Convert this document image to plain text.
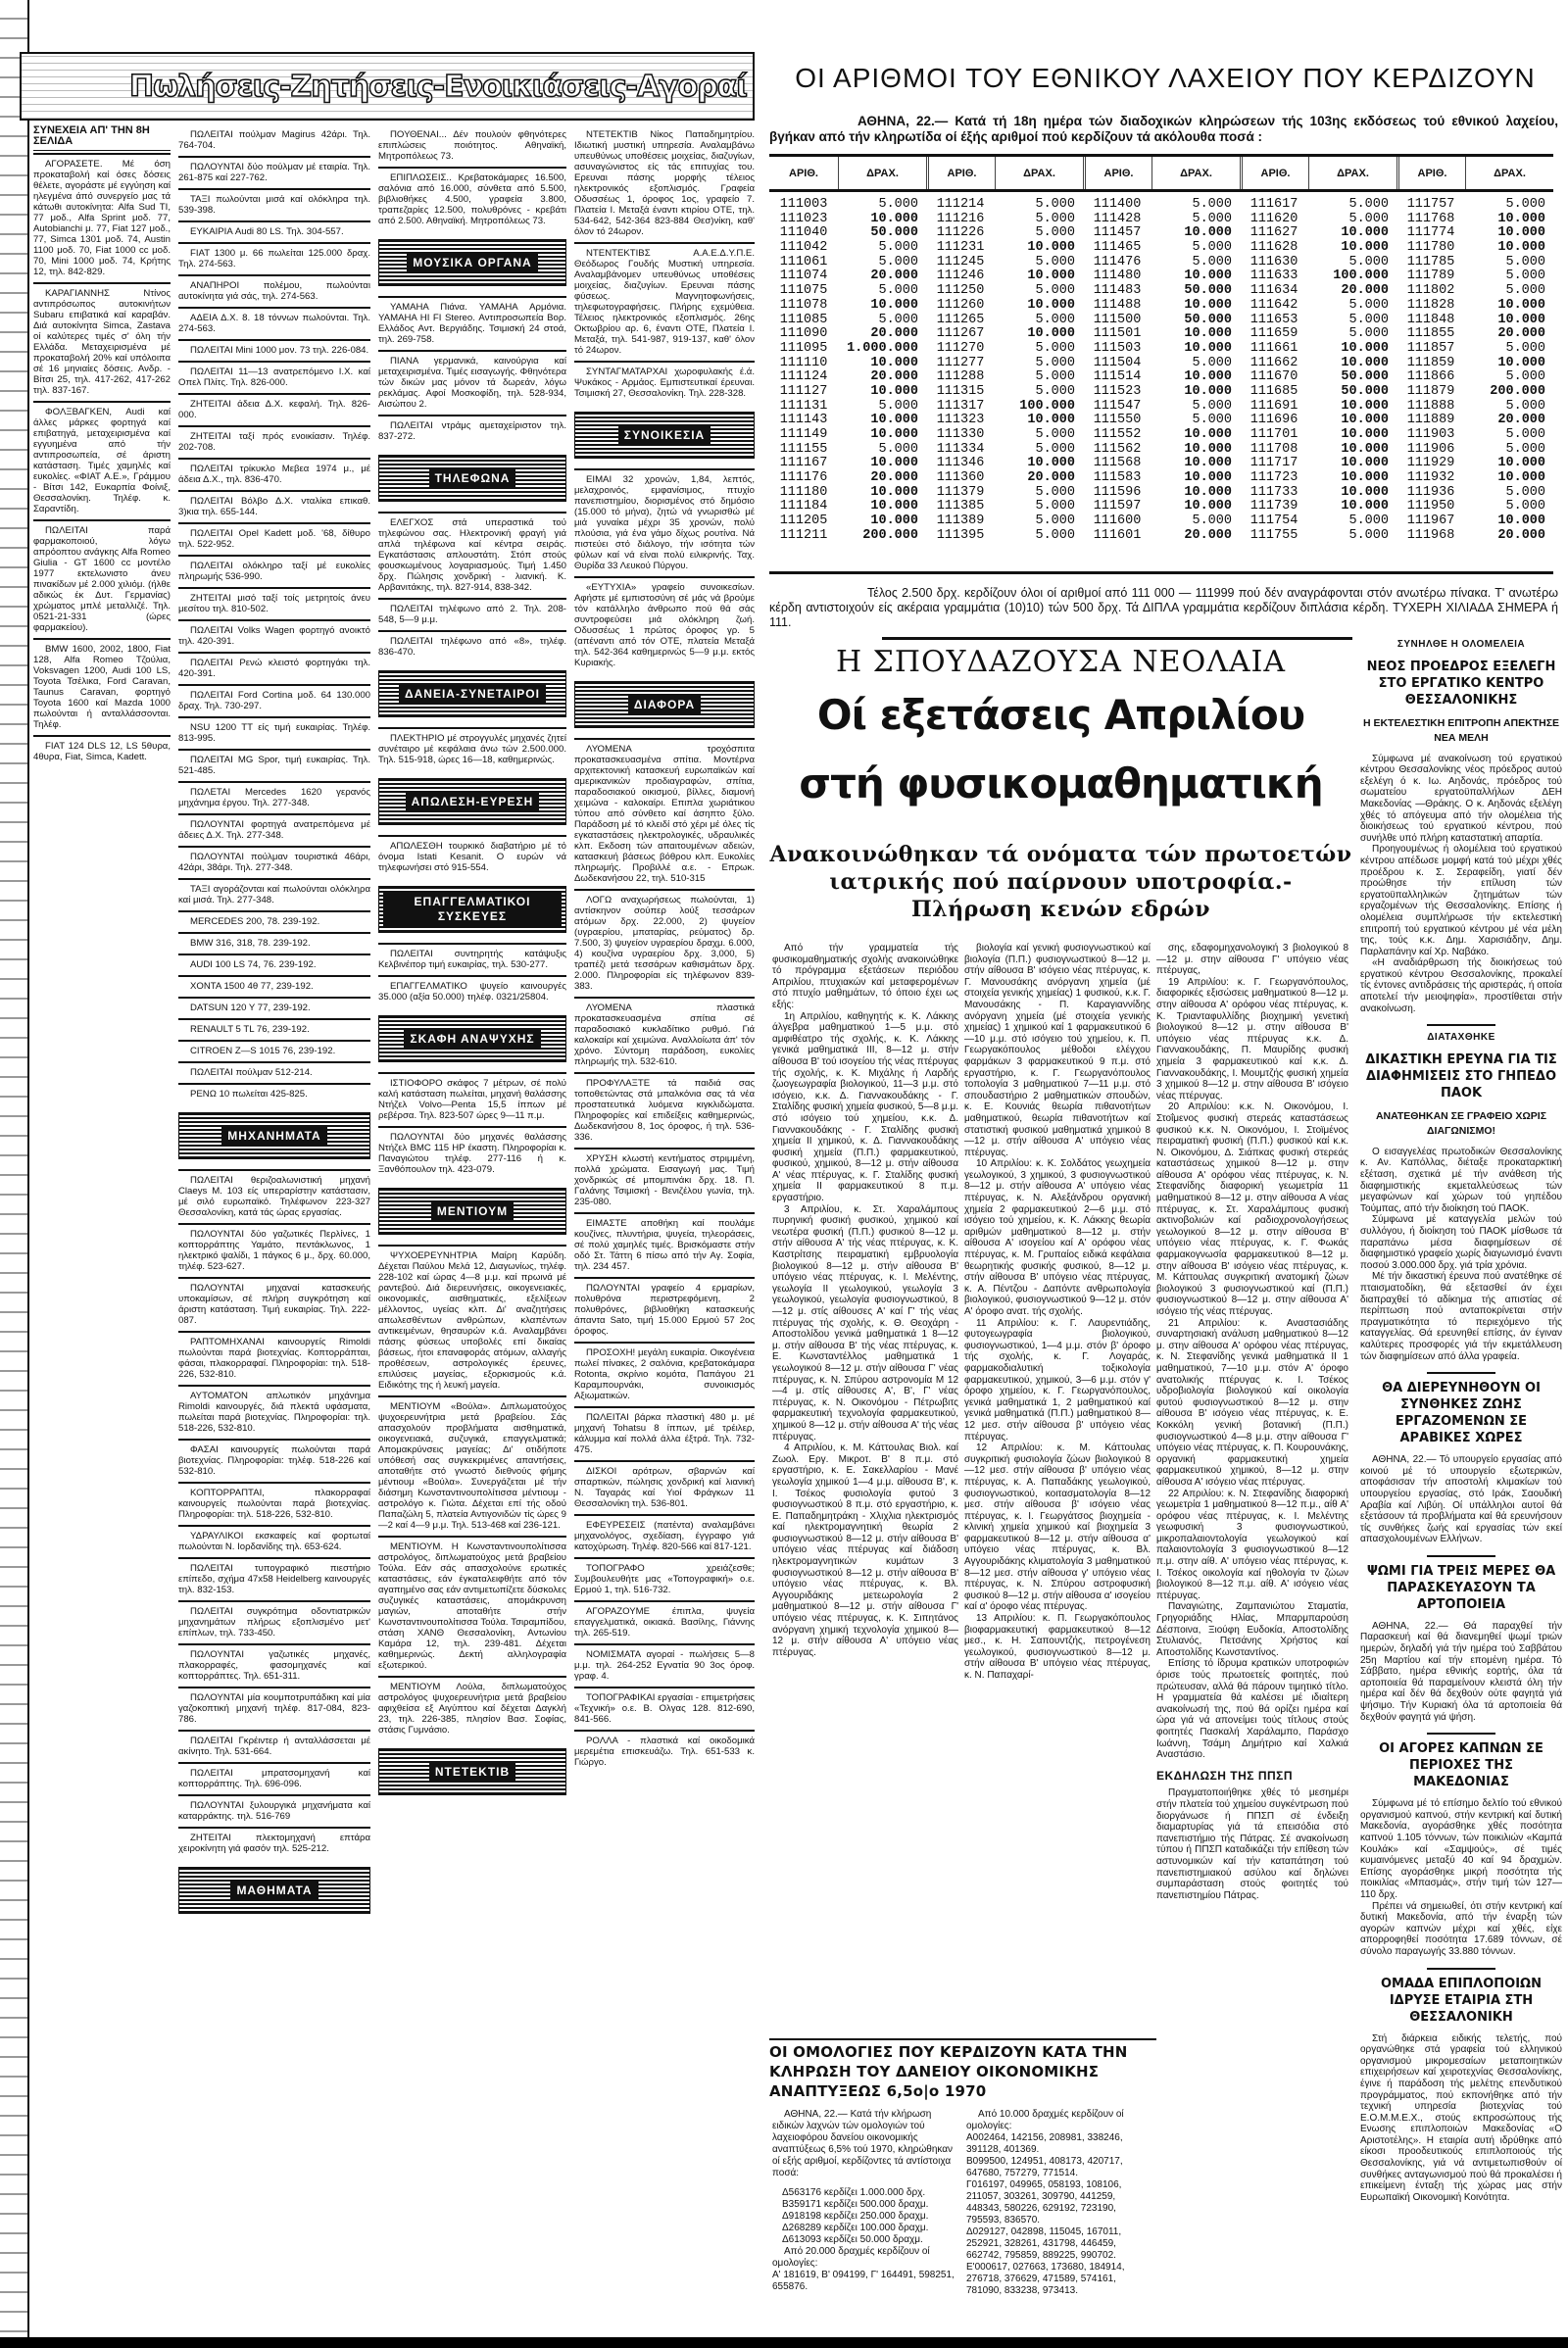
Πωλήσεις-Ζητήσεις-Ενοικιάσεις-Αγοραί
ΣΥΝΕΧΕΙΑ ΑΠ' ΤΗΝ 8Η ΣΕΛΙΔΑ
ΑΓΟΡΑΣΕΤΕ. Μέ όση προκαταβολή καί όσες δόσεις θέλετε, αγοράστε μέ εγγύηση καί ηλεγμένα άπό συνεργείο μας τά κάτωθι αυτοκίνητα: Alfa Sud TI, 77 μοδ., Alfa Sprint μοδ. 77, Autobianchi μ. 77, Fiat 127 μοδ., 77, Simca 1301 μοδ. 74, Austin 1100 μοδ. 70, Fiat 1000 cc μοδ. 70, Mini 1000 μοδ. 74, Κρήτης 12, τηλ. 842-829.
ΚΑΡΑΓΙΑΝΝΗΣ Ντίνος αντιπρόσωπος αυτοκινήτων Subaru επιβατικά καί καραβάν. Διά αυτοκίνητα Simca, Zastava οί καλύτερες τιμές σ' όλη τήν Ελλάδα. Μεταχειρισμένα μέ προκαταβολή 20% καί υπόλοιπα σέ 16 μηνιαίες δόσεις. Ανδρ. - Βίτσι 25, τηλ. 417-262, 417-262 τηλ. 837-167.
ΦΟΛΞΒΑΓΚΕΝ, Audi καί άλλες μάρκες φορτηγά καί επιβατηγά, μεταχειρισμένα καί εγγυημένα από τήν αντιπροσωπεία, σέ άριστη κατάσταση. Τιμές χαμηλές καί ευκολίες. «ΦΙΑΤ Α.Ε.», Γράμμου - Βίτσι 142, Ευκαρπία Φοίνιξ, Θεσσαλονίκη. Τηλέφ. κ. Σαραντίδη.
ΠΩΛΕΙΤΑΙ παρά φαρμακοποιού, λόγω απρόοπτου ανάγκης Alfa Romeo Giulia - GT 1600 cc μοντέλο 1977 εκτελωνιστο άνευ πινακίδων μέ 2.000 χιλιόμ. (ήλθε αδικώς έκ Δυτ. Γερμανίας) χρώματος μπλέ μεταλλιζέ. Τηλ. 0521-21-331 (ώρες φαρμακείου).
BMW 1600, 2002, 1800, Fiat 128, Alfa Romeo Τζούλια, Voksvagen 1200, Audi 100 LS, Toyota Τσέλικα, Ford Caravan, Taunus Caravan, φορτηγό Toyota 1600 καί Mazda 1000 πωλούνται ή ανταλλάσσονται. Τηλέφ.
FIAT 124 DLS 12, LS 5θυρα, 4θυρα, Fiat, Simca, Kadett.
ΠΩΛΕΙΤΑΙ πούλμαν Magirus 42άρι. Τηλ. 764-704.
ΠΩΛΟΥΝΤΑΙ δύο πούλμαν μέ εταιρία. Τηλ. 261-875 καί 227-762.
ΤΑΞΙ πωλούνται μισά καί ολόκληρα τηλ. 539-398.
ΕΥΚΑΙΡΙΑ Audi 80 LS. Τηλ. 304-557.
FIAT 1300 μ. 66 πωλείται 125.000 δραχ. Τηλ. 274-563.
ΑΝΑΠΗΡΟΙ πολέμου, πωλούνται αυτοκίνητα γιά σάς, τηλ. 274-563.
ΑΔΕΙΑ Δ.Χ. 8. 18 τόννων πωλούνται. Τηλ. 274-563.
ΠΩΛΕΙΤΑΙ Mini 1000 μον. 73 τηλ. 226-084.
ΠΩΛΕΙΤΑΙ 11—13 ανατρεπόμενο Ι.Χ. καί Οπελ Πλίτς. Τηλ. 826-000.
ΖΗΤΕΙΤΑΙ άδεια Δ.Χ. κεφαλή. Τηλ. 826-000.
ΖΗΤΕΙΤΑΙ ταξί πρός ενοικίασιν. Τηλέφ. 202-708.
ΠΩΛΕΙΤΑΙ τρίκυκλο Μεβεα 1974 μ., μέ άδεια Δ.Χ., τηλ. 836-470.
ΠΩΛΕΙΤΑΙ Βόλβο Δ.Χ. νταλίκα επικαθ. 3)κια τηλ. 655-144.
ΠΩΛΕΙΤΑΙ Opel Kadett μοδ. '68, δίθυρο τηλ. 522-952.
ΠΩΛΕΙΤΑΙ ολόκληρο ταξί μέ ευκολίες πληρωμής 536-990.
ΖΗΤΕΙΤΑΙ μισό ταξί τοίς μετρητοίς άνευ μεσίτου τηλ. 810-502.
ΠΩΛΕΙΤΑΙ Volks Wagen φορτηγό ανοικτό τηλ. 420-391.
ΠΩΛΕΙΤΑΙ Ρενώ κλειστό φορτηγάκι τηλ. 420-391.
ΠΩΛΕΙΤΑΙ Ford Cortina μοδ. 64 130.000 δραχ. Τηλ. 730-297.
NSU 1200 TT είς τιμή ευκαιρίας. Τηλέφ. 813-995.
ΠΩΛΕΙΤΑΙ MG Spor, τιμή ευκαιρίας. Τηλ. 521-485.
ΠΩΛΕΤΑΙ Mercedes 1620 γερανός μηχάνημα έργου. Τηλ. 277-348.
ΠΩΛΟΥΝΤΑΙ φορτηγά ανατρεπόμενα μέ άδειες Δ.Χ. Τηλ. 277-348.
ΠΩΛΟΥΝΤΑΙ πούλμαν τουριστικά 46άρι, 42άρι, 38άρι. Τηλ. 277-348.
ΤΑΞΙ αγοράζονται καί πωλούνται ολόκληρα καί μισά. Τηλ. 277-348.
MERCEDES 200, 78. 239-192.
BMW 316, 318, 78. 239-192.
AUDI 100 LS 74, 76. 239-192.
ΧΟΝΤΑ 1500 4θ 77, 239-192.
DATSUN 120 Y 77, 239-192.
RENAULT 5 TL 76, 239-192.
CITROEN Z—S 1015 76, 239-192.
ΠΩΛΕΙΤΑΙ πούλμαν 512-214.
ΡΕΝΩ 10 πωλείται 425-825.
ΜΗΧΑΝΗΜΑΤΑ
ΠΩΛΕΙΤΑΙ θεριζοαλωνιστική μηχανή Claeys M. 103 είς υπεραρίστην κατάστασιν, μέ σιλό ευρωπαϊκό. Τηλέφωνον 223-327 Θεσσαλονίκη, κατά τάς ώρας εργασίας.
ΠΩΛΟΥΝΤΑΙ δύο γαζωτικές Περλίνες, 1 κοπτορράπτης Υαμάτο, πεντάκλωνος, 1 ηλεκτρικό ψαλίδι, 1 πάγκος 6 μ., δρχ. 60.000, τηλέφ. 523-627.
ΠΩΛΟΥΝΤΑΙ μηχαναί κατασκευής υποκαμίσων, σέ πλήρη συγκρότηση καί άριστη κατάσταση. Τιμή ευκαιρίας. Τηλ. 222-087.
ΡΑΠΤΟΜΗΧΑΝΑΙ καινουργείς Rimoldi πωλούνται παρά βιοτεχνίας. Κοπτορράπται, φάσαι, πλακορραφαί. Πληροφορίαι: τηλ. 518-226, 532-810.
ΑΥΤΟΜΑΤΟΝ απλωτικόν μηχάνημα Rimoldi καινουργές, διά πλεκτά υφάσματα, πωλείται παρά βιοτεχνίας. Πληροφορίαι: τηλ. 518-226, 532-810.
ΦΑΣΑΙ καινουργείς πωλούνται παρά βιοτεχνίας. Πληροφορίαι: τηλέφ. 518-226 καί 532-810.
ΚΟΠΤΟΡΡΑΠΤΑΙ, πλακορραφαί καινουργείς πωλούνται παρά βιοτεχνίας. Πληροφορίαι: τηλ. 518-226, 532-810.
ΥΔΡΑΥΛΙΚΟΙ εκσκαφείς καί φορτωταί πωλούνται Ν. Ιορδανίδης τηλ. 653-624.
ΠΩΛΕΙΤΑΙ τυπογραφικό πιεστήριο επίπεδο, σχήμα 47x58 Heidelberg καινουργές τηλ. 832-153.
ΠΩΛΕΙΤΑΙ συγκρότημα οδοντιατρικών μηχανημάτων πλήρως εξοπλισμένο μετ' επίπλων, τηλ. 733-450.
ΠΩΛΟΥΝΤΑΙ γαζωτικές μηχανές, πλακορραφές, φασομηχανές καί κοπτορράπτες. Τηλ. 651-311.
ΠΩΛΟΥΝΤΑΙ μία κουμποτρυπάδικη καί μία γαζοκοπτική μηχανή τηλέφ. 817-084, 823-786.
ΠΩΛΕΙΤΑΙ Γκρέιντερ ή ανταλλάσσεται μέ ακίνητο. Τηλ. 531-664.
ΠΩΛΕΙΤΑΙ μπρατσομηχανή καί κοπτορράπτης. Τηλ. 696-096.
ΠΩΛΟΥΝΤΑΙ ξυλουργικά μηχανήματα καί καταρράκτης. τηλ. 516-769
ΖΗΤΕΙΤΑΙ πλεκτομηχανή επτάρα χειροκίνητη γιά φασόν τηλ. 525-212.
ΜΑΘΗΜΑΤΑ
ΠΟΥΘΕΝΑΙ... Δέν πουλούν φθηνότερες επιπλώσεις ποιότητος. Αθηναϊκή, Μητροπόλεως 73.
ΕΠΙΠΛΩΣΕΙΣ.. Κρεβατοκάμαρες 16.500, σαλόνια από 16.000, σύνθετα από 5.500, βιβλιοθήκες 4.500, γραφεία 3.800, τραπεζαρίες 12.500, πολυθρόνες - κρεβάτι από 2.500. Αθηναϊκή. Μητροπόλεως 73.
ΜΟΥΣΙΚΑ ΟΡΓΑΝΑ
YAMAHA Πιάνα. YAMAHA Αρμόνια. YAMAHA HI FI Stereo. Αντιπροσωπεία Βορ. Ελλάδος Αντ. Βεργιάδης. Τσιμισκή 24 στοά, τηλ. 269-758.
ΠΙΑΝΑ γερμανικά, καινούργια καί μεταχειρισμένα. Τιμές εισαγωγής. Φθηνότερα τών δικών μας μόνον τά δωρεάν, λόγω ρεκλάμας. Αφοί Μοσκοφίδη, τηλ. 528-934, Αισώπου 2.
ΠΩΛΕΙΤΑΙ ντράμς αμεταχείριστον τηλ. 837-272.
ΤΗΛΕΦΩΝΑ
ΕΛΕΓΧΟΣ στά υπεραστικά τού τηλεφώνου σας. Ηλεκτρονική φραγή γιά απλά τηλέφωνα καί κέντρα σειράς. Εγκατάστασις απλουστάτη. Στόπ στούς φουσκωμένους λογαριασμούς. Τιμή 1.450 δρχ. Πώλησις χονδρική - λιανική. Κ. Αρβανιτάκης, τηλ. 827-914, 838-342.
ΠΩΛΕΙΤΑΙ τηλέφωνο από 2. Τηλ. 208-548, 5—9 μ.μ.
ΠΩΛΕΙΤΑΙ τηλέφωνο από «8», τηλέφ. 836-470.
ΔΑΝΕΙΑ-ΣΥΝΕΤΑΙΡΟΙ
ΠΛΕΚΤΗΡΙΟ μέ στρογγυλές μηχανές ζητεί συνέταιρο μέ κεφάλαια άνω τών 2.500.000. Τηλ. 515-918, ώρες 16—18, καθημερινώς.
ΑΠΩΛΕΣΗ-ΕΥΡΕΣΗ
ΑΠΩΛΕΣΘΗ τουρκικό διαβατήριο μέ τό όνομα Istati Kesanit. Ο ευρών νά τηλεφωνήσει στό 915-554.
ΕΠΑΓΓΕΛΜΑΤΙΚΟΙ ΣΥΣΚΕΥΕΣ
ΠΩΛΕΙΤΑΙ συντηρητής κατάψυξις Κελβινέιτορ τιμή ευκαιρίας, τηλ. 530-277.
ΕΠΑΓΓΕΛΜΑΤΙΚΟ ψυγείο καινουργές 35.000 (αξία 50.000) τηλέφ. 0321/25804.
ΣΚΑΦΗ ΑΝΑΨΥΧΗΣ
ΙΣΤΙΟΦΟΡΟ σκάφος 7 μέτρων, σέ πολύ καλή κατάσταση πωλείται, μηχανή θαλάσσης Ντήζελ Volvo—Penta 15,5 ίππων μέ ρεβέρσα. Τηλ. 823-507 ώρες 9—11 π.μ.
ΠΩΛΟΥΝΤΑΙ δύο μηχανές θαλάσσης Ντήζελ BMC 115 HP έκαστη. Πληροφορίαι κ. Παναγιώτου τηλέφ. 277-116 ή κ. Ξανθόπουλον τηλ. 423-079.
ΜΕΝΤΙΟΥΜ
ΨΥΧΟΕΡΕΥΝΗΤΡΙΑ Μαίρη Καρύδη. Δέχεται Παύλου Μελά 12, Διαγωνίως, τηλέφ. 228-102 καί ώρας 4—8 μ.μ. καί πρωινά μέ ραντεβού. Διά διερευνήσεις, οικογενειακές, οικονομικές, αισθηματικές, εξελίξεων μέλλοντος, υγείας κλπ. Δι' αναζητήσεις απωλεσθέντων ανθρώπων, κλαπέντων αντικειμένων, θησαυρών κ.ά. Αναλαμβάνει πάσης φύσεως υποβολές επί δικαίας βάσεως, ήτοι επαναφοράς ατόμων, αλλαγής προθέσεων, αστρολογικές έρευνες, επιλύσεις μαγείας, εξορκισμούς κ.ά. Ειδικότης της ή λευκή μαγεία.
ΜΕΝΤΙΟΥΜ «Βούλα». Διπλωματούχος ψυχοερευνήτρια μετά βραβείου. Σάς απασχολούν προβλήματα αισθηματικά, οικογενειακά, συζυγικά, επαγγελματικά; Απομακρύνσεις μαγείας; Δι' οτιδήποτε υπόθεσή σας συγκεκριμένες απαντήσεις, αποταθήτε στό γνωστό διεθνούς φήμης μέντιουμ «Βούλα». Συνεργάζεται μέ τήν διάσημη Κωνσταντινουπολίτισσα μέντιουμ - αστρολόγο κ. Γιώτα. Δέχεται επί τής οδού Παπαζώλη 5, πλατεία Αντιγονιδών τίς ώρες 9—2 καί 4—9 μ.μ. Τηλ. 513-468 καί 236-121.
ΜΕΝΤΙΟΥΜ. Η Κωνσταντινουπολίτισσα αστρολόγος, διπλωματούχος μετά βραβείου Τούλα. Εάν σάς απασχολούνε ερωτικές καταστάσεις, εάν έγκαταλειφθήτε από τόν αγαπημένο σας εάν αντιμετωπίζετε δύσκολες συζυγικές καταστάσεις, απομάκρυνση μαγιών, αποταθήτε στήν Κωνσταντινουπολίτισσα Τούλα. Τσιραμπίδου, στάση ΧΑΝΘ Θεσσαλονίκη, Αντωνίου Καμάρα 12, τηλ. 239-481. Δέχεται καθημερινώς. Δεκτή αλληλογραφία εξωτερικού.
ΜΕΝΤΙΟΥΜ Λούλα, διπλωματούχος αστρολόγος ψυχοερευνήτρια μετά βραβείου αφιχθείσα εξ Αιγύπτου καί δέχεται Δαγκλή 23, τηλ. 226-385, πλησίον Βασ. Σοφίας, στάσις Γυμνάσιο.
ΝΤΕΤΕΚΤΙΒ
ΝΤΕΤΕΚΤΙΒ Νίκος Παπαδημητρίου. Ιδιωτική μυστική υπηρεσία. Αναλαμβάνω υπευθύνως υποθέσεις μοιχείας, διαζυγίων, ασυναγώνιστος είς τάς επιτυχίας του. Ερευναι πάσης μορφής τέλειος ηλεκτρονικός εξοπλισμός. Γραφεία Οδυσσέως 1, όροφος 1ος, γραφείο 7. Πλατεία Ι. Μεταξά έναντι κτιρίου ΟΤΕ, τηλ. 534-642, 542-364 823-884 Θεσ)νίκη, καθ' όλον τό 24ωρον.
ΝΤΕΝΤΕΚΤΙΒΣ Α.Α.Ε.Δ.Υ.Π.Ε. Θεόδωρος Γουδής Μυστική υπηρεσία. Αναλαμβάνομεν υπευθύνως υποθέσεις μοιχείας, διαζυγίων. Ερευναι πάσης φύσεως. Μαγνητοφωνήσεις, τηλεφωτογραφήσεις. Πλήρης εχεμύθεια. Τέλειος ηλεκτρονικός εξοπλισμός. 26ης Οκτωβρίου αρ. 6, έναντι ΟΤΕ, Πλατεία Ι. Μεταξά, τηλ. 541-987, 919-137, καθ' όλον τό 24ωρον.
ΣΥΝΤΑΓΜΑΤΑΡΧΑΙ χωροφυλακής έ.ά. Ψυκάκος - Αρμάος. Εμπιστευτικαί έρευναι. Τσιμισκή 27, Θεσσαλονίκη. Τηλ. 228-328.
ΣΥΝΟΙΚΕΣΙΑ
ΕΙΜΑΙ 32 χρονών, 1,84, λεπτός, μελαχροινός, εμφανίσιμος, πτυχίο πανεπιστημίου, διορισμένος στό δημόσιο (15.000 τό μήνα), ζητώ νά γνωρισθώ μέ μιά γυναίκα μέχρι 35 χρονών, πολύ πλούσια, γιά ένα γάμο δίχως ρουτίνα. Νά πιστεύει στό διάλογο, τήν ισότητα τών φύλων καί νά είναι πολύ ειλικρινής. Ταχ. Θυρίδα 33 Λευκού Πύργου.
«ΕΥΤΥΧΙΑ» γραφείο συνοικεσίων. Αφήστε μέ εμπιστοσύνη σέ μάς νά βρούμε τόν κατάλληλο άνθρωπο πού θά σάς συντροφεύσει μιά ολόκληρη ζωή. Οδυσσέως 1 πρώτος όροφος γρ. 5 (απέναντι από τόν ΟΤΕ, πλατεία Μεταξά τηλ. 542-364 καθημερινώς 5—9 μ.μ. εκτός Κυριακής.
ΔΙΑΦΟΡΑ
ΛΥΟΜΕΝΑ τροχόσπιτα προκατασκευασμένα σπίτια. Μοντέρνα αρχιτεκτονική κατασκευή ευρωπαϊκών καί αμερικανικών προδιαγραφών, σπίτια, παραδοσιακού οικισμού, βίλλες, διαμονή χειμώνα - καλοκαίρι. Επιπλα χωριάτικου τύπου από σύνθετο καί άσηπτο ξύλο. Παράδοση μέ τό κλειδί στό χέρι μέ όλες τίς εγκαταστάσεις ηλεκτρολογικές, υδραυλικές κλπ. Εκδοση τών απαιτουμένων αδειών, κατασκευή βάσεως βόθρου κλπ. Ευκολίες πληρωμής. Προβιλλέ α.ε. - Επρωκ. Δωδεκανήσου 22, τηλ. 510-315
ΛΟΓΩ αναχωρήσεως πωλούνται, 1) αντίσκηνον σούπερ λούξ τεσσάρων ατόμων δρχ. 22.000, 2) ψυγείον (υγραερίου, μπαταρίας, ρεύματος) δρ. 7.500, 3) ψυγείον υγραερίου δραχμ. 6.000, 4) κουζίνα υγραερίου δρχ. 3,000, 5) τραπέζι μετά τεσσάρων καθισμάτων δρχ. 2.000. Πληροφορίαι είς τηλέφωνον 839-383.
ΛΥΟΜΕΝΑ πλαστικά προκατασκευασμένα σπίτια σέ παραδοσιακό κυκλαδίτικο ρυθμό. Γιά καλοκαίρι καί χειμώνα. Αναλλοίωτα άπ' τόν χρόνο. Σύντομη παράδοση, ευκολίες πληρωμής τηλ. 532-610.
ΠΡΟΦΥΛΑΞΤΕ τά παιδιά σας τοποθετώντας στά μπαλκόνια σας τά νέα προστατευτικά λυόμενα κιγκλιδώματα. Πληροφορίες καί επιδείξεις καθημερινώς, Δωδεκανήσου 8, 1ος όροφος, ή τηλ. 536-336.
ΧΡΥΣΗ κλωστή κεντήματος στριμμένη, πολλά χρώματα. Εισαγωγή μας. Τιμή χονδρικώς σέ μπομπινάκι δρχ. 18. Π. Γαλάνης Τσιμισκή - Βενιζέλου γωνία, τηλ. 235-080.
ΕΙΜΑΣΤΕ αποθήκη καί πουλάμε κουζίνες, πλυντήρια, ψυγεία, τηλεοράσεις, σέ πολύ χαμηλές τιμές. Βρισκόμαστε στήν οδό Στ. Τάττη 6 πίσω από τήν Αγ. Σοφία, τηλ. 234 457.
ΠΩΛΟΥΝΤΑΙ γραφείο 4 ερμαρίων, πολυθρόνα περιστρεφόμενη, 2 πολυθρόνες, βιβλιοθήκη κατασκευής άπαντα Sato, τιμή 15.000 Ερμού 57 2ος όροφος.
ΠΡΟΣΟΧΗ! μεγάλη ευκαιρία. Οικογένεια πωλεί πίνακες, 2 σαλόνια, κρεβατοκάμαρα Rotonta, σκρίνιο κομότα, Παπάγου 21 Καραμπουρνάκι, συνοικισμός Αξιωματικών.
ΠΩΛΕΙΤΑΙ βάρκα πλαστική 480 μ. μέ μηχανή Tohatsu 8 ίππων, μέ τρέιλερ, κάλυμμα καί πολλά άλλα έξτρά. Τηλ. 732-475.
ΔΙΣΚΟΙ αρότρων, σβαρνών καί σπαρτικών, πώλησις χονδρική καί λιανική Ν. Ταγαράς καί Υιοί Φράγκων 11 Θεσσαλονίκη τηλ. 536-801.
ΕΦΕΥΡΕΣΕΙΣ (πατέντα) αναλαμβάνει μηχανολόγος, σχεδίαση, έγγραφο γιά κατοχύρωση. Τηλέφ. 820-566 καί 817-121.
ΤΟΠΟΓΡΑΦΟ χρειάζεσθε; Συμβουλευθήτε μας «Τοπογραφική» ο.ε. Ερμού 1, τηλ. 516-732.
ΑΓΟΡΑΖΟΥΜΕ έπιπλα, ψυγεία επαγγελματικά, οικιακά. Βασίλης, Γιάννης τηλ. 265-519.
ΝΟΜΙΣΜΑΤΑ αγοραί - πωλήσεις 5—8 μ.μ. τηλ. 264-252 Εγνατία 90 3ος όροφ. γραφ. 4.
ΤΟΠΟΓΡΑΦΙΚΑΙ εργασίαι - επιμετρήσεις «Τεχνική» ο.ε. Β. Ολγας 128. 812-690, 841-566.
ΡΟΛΛΑ - πλαστικά καί οικοδομικά μερεμέτια επισκευάζω. Τηλ. 651-533 κ. Γιώργο.
ΟΙ ΑΡΙΘΜΟΙ ΤΟΥ ΕΘΝΙΚΟΥ ΛΑΧΕΙΟΥ ΠΟΥ ΚΕΡΔΙΖΟΥΝ
ΑΘΗΝΑ, 22.— Κατά τή 18η ημέρα τών διαδοχικών κληρώσεων τής 103ης εκδόσεως τού εθνικού λαχείου, βγήκαν από τήν κληρωτίδα οί έξής αριθμοί πού κερδίζουν τά ακόλουθα ποσά :
ΑΡΙΘ.	ΔΡΑΧ.	ΑΡΙΘ.	ΔΡΑΧ.	ΑΡΙΘ.	ΔΡΑΧ.	ΑΡΙΘ.	ΔΡΑΧ.	ΑΡΙΘ.	ΔΡΑΧ.
111003	5.000
111023	10.000
111040	50.000
111042	5.000
111061	5.000
111074	20.000
111075	5.000
111078	10.000
111085	5.000
111090	20.000
111095	1.000.000
111110	10.000
111124	20.000
111127	10.000
111131	5.000
111143	10.000
111149	10.000
111155	5.000
111167	10.000
111176	20.000
111180	10.000
111184	10.000
111205	10.000
111211	200.000
111214	5.000
111216	5.000
111226	5.000
111231	10.000
111245	5.000
111246	10.000
111250	5.000
111260	10.000
111265	5.000
111267	10.000
111270	5.000
111277	5.000
111288	5.000
111315	5.000
111317	100.000
111323	10.000
111330	5.000
111334	5.000
111346	10.000
111360	20.000
111379	5.000
111385	5.000
111389	5.000
111395	5.000
111400	5.000
111428	5.000
111457	10.000
111465	5.000
111476	5.000
111480	10.000
111483	50.000
111488	10.000
111500	50.000
111501	10.000
111503	10.000
111504	5.000
111514	10.000
111523	10.000
111547	5.000
111550	5.000
111552	10.000
111562	10.000
111568	10.000
111583	10.000
111596	10.000
111597	10.000
111600	5.000
111601	20.000
111617	5.000
111620	5.000
111627	10.000
111628	10.000
111630	5.000
111633	100.000
111634	20.000
111642	5.000
111653	5.000
111659	5.000
111661	10.000
111662	10.000
111670	50.000
111685	50.000
111691	10.000
111696	10.000
111701	10.000
111708	10.000
111717	10.000
111723	10.000
111733	10.000
111739	10.000
111754	5.000
111755	5.000
111757	5.000
111768	10.000
111774	10.000
111780	10.000
111785	5.000
111789	5.000
111802	5.000
111828	10.000
111848	10.000
111855	20.000
111857	5.000
111859	10.000
111866	5.000
111879	200.000
111888	5.000
111889	20.000
111903	5.000
111906	5.000
111929	10.000
111932	10.000
111936	5.000
111950	5.000
111967	10.000
111968	20.000
Τέλος 2.500 δρχ. κερδίζουν όλοι οί αριθμοί από 111 000 — 111999 πού δέν αναγράφονται στόν ανωτέρω πίνακα. Τ' ανωτέρω κέρδη αντιστοιχούν είς ακέραια γραμμάτια (10)10) τών 500 δρχ. Τά ΔΙΠΛΑ γραμμάτια κερδίζουν διπλάσια κέρδη. ΤΥΧΕΡΗ ΧΙΛΙΑΔΑ ΣΗΜΕΡΑ ή 111.
Η ΣΠΟΥΔΑΖΟΥΣΑ ΝΕΟΛΑΙΑ
Οί εξετάσεις Απριλίου
στή φυσικομαθηματική
Ανακοινώθηκαν τά ονόματα τών πρωτοετών ιατρικής πού παίρνουν υποτροφία.- Πλήρωση κενών εδρών

Από τήν γραμματεία τής φυσικομαθηματικής σχολής ανακοινώθηκε τό πρόγραμμα εξετάσεων περιόδου Απριλίου, πτυχιακών καί μεταφερομένων στό πτυχίο μαθημάτων, τό όποιο έχει ως εξής:

1η Απριλίου, καθηγητής κ. Κ. Λάκκης άλγεβρα μαθηματικού 1—5 μ.μ. στό αμφιθέατρο τής σχολής, κ. Κ. Λάκκης γενικά μαθηματικά III, 8—12 μ. στήν αίθουσα Β' τού ισογείου τής νέας πτέρυγας τής σχολής, κ. Κ. Μιχάλης ή Λαρδής ζωογεωγραφία βιολογικού, 11—3 μ.μ. στό ισόγειο, κ.κ. Δ. Γιαννακουδάκης - Γ. Σταλίδης φυσική χημεία φυσικού, 5—8 μ.μ. στό ισόγειο τού χημείου, κ.κ. Δ. Γιαννακουδάκης - Γ. Σταλίδης φυσική χημεία II χημικού, κ. Δ. Γιαννακουδάκης φυσική χημεία (Π.Π.) φαρμακευτικού, φυσικού, χημικού, 8—12 μ. στήν αίθουσα Α' νέας πτέρυγας, κ. Γ. Σταλίδης φυσική χημεία II φαρμακευτικού 8 π.μ. εργαστήριο.

3 Απριλίου, κ. Στ. Χαραλάμπους πυρηνική φυσική φυσικού, χημικού καί νεωτέρα φυσική (Π.Π.) φυσικού 8—12 μ. στήν αίθουσα Α' τής νέας πτέρυγας, κ. Κ. Καστρίτσης πειραματική εμβρυολογία βιολογικού 8—12 μ. στήν αίθουσα Β' υπόγειο νέας πτέρυγας, κ. Ι. Μελέντης, γεωλογία II γεωλογικού, γεωλογία 3 γεωλογικού, γεωλογία φυσιογνωστικού, 8—12 μ. στίς αίθουσες Α' καί Γ' τής νέας πτέρυγας τής σχολής, κ. Θ. Θεοχάρη - Αποστολίδου γενικά μαθηματικά 1 8—12 μ. στήν αίθουσα Β' τής νέας πτέρυγας, κ. Ε. Κωνσταντέλλος μαθηματικά 1 γεωλογικού 8—12 μ. στήν αίθουσα Γ' νέας πτέρυγας, κ. Ν. Σπύρου αστρονομία Μ 12—4 μ. στίς αίθουσες Α', Β', Γ' νέας πτέρυγας, κ. Ν. Οικονόμου - Πέτρωβιτς φαρμακευτική τεχνολογία φαρμακευτικού, χημικού 8—12 μ. στήν αίθουσα Α' τής νέας πτέρυγας.

4 Απριλίου, κ. Μ. Κάττουλας Βιολ. καί Ζωολ. Εργ. Μικροτ. Β' 8 π.μ. στό εργαστήριο, κ. Ε. Σακελλαρίου - Μανέ γεωλογία χημικού 1—4 μ.μ. αίθουσα Β', κ. Ι. Τσέκος φυσιολογία φυτού 3 φυσιογνωστικού 8 π.μ. στό εργαστήριο, κ. Ε. Παπαδημητράκη - Χλιχλια ηλεκτρισμός καί ηλεκτρομαγνητική θεωρία 2 φυσιογνωστικού 8—12 μ. στήν αίθουσα Β' υπόγειο νέας πτέρυγας καί διάδοση ηλεκτρομαγνητικών κυμάτων 3 φυσιογνωστικού 8—12 μ. στήν αίθουσα Β' υπόγειο νέας πτέρυγας, κ. Βλ. Αγγουριδάκης μετεωρολογία 2 μαθηματικού 8—12 μ. στήν αίθουσα Γ' υπόγειο νέας πτέρυγας, κ. Κ. Σιπητάνος ανόργανη χημική τεχνολογία χημικού 8—12 μ. στήν αίθουσα Α' υπόγειο νέας πτέρυγας.

βιολογία καί γενική φυσιογνωστικού καί βιολογία (Π.Π.) φυσιογνωστικού 8—12 μ. στήν αίθουσα Β' ισόγειο νέας πτέρυγας, κ. Γ. Μανουσάκης ανόργανη χημεία (μέ στοιχεία γενικής χημείας) 1 φυσικού, κ.κ. Γ. Μανουσάκης - Π. Καραγιαννίδης ανόργανη χημεία (μέ στοιχεία γενικής χημείας) 1 χημικού καί 1 φαρμακευτικού 6—10 μ.μ. στό ισόγειο τού χημείου, κ. Π. Γεωργακόπουλος μέθοδοι ελέγχου φαρμάκων 3 φαρμακευτικού 9 π.μ. στό εργαστήριο, κ. Γ. Γεωργανόπουλος τοπολογία 3 μαθηματικού 7—11 μ.μ. στό σπουδαστήριο 2 μαθηματικών σπουδών, κ. Ε. Κουνιάς θεωρία πιθανοτήτων μαθηματικού, θεωρία πιθανοτήτων καί στατιστική φυσικού μαθηματικά χημικού 8—12 μ. στήν αίθουσα Α' υπόγειο νέας πτέρυγας.

10 Απριλίου: κ. Κ. Σολδάτος γεωχημεία γεωλογικού, 3 χημικού, 3 φυσιογνωστικού 8—12 μ. στήν αίθουσα Α' υπόγειο νέας πτέρυγας, κ. Ν. Αλεξάνδρου οργανική χημεία 2 φαρμακευτικού 2—6 μ.μ. στό ισόγειο τού χημείου, κ. Κ. Λάκκης θεωρία αριθμών μαθηματικού 8—12 μ. στήν αίθουσα Α' ισογείου καί Α' ορόφου νέας πτέρυγας, κ. Μ. Γρυπαίος ειδικά κεφάλαια θεωρητικής φυσικής φυσικού, 8—12 μ. στήν αίθουσα Β' υπόγειο νέας πτέρυγας, κ. Α. Πέντζου - Δαπόντε ανθρωπολογία βιολογικού, φυσιογνωστικού 9—12 μ. στόν Α' όροφο ανατ. τής σχολής.

11 Απριλίου: κ. Γ. Λαυρεντιάδης, φυτογεωγραφία βιολογικού, φυσιογνωστικού, 1—4 μ.μ. στόν β' όροφο τής σχολής, κ. Γ. Λογαράς, φαρμακοδιαλυτική τοξικολογία φαρμακευτικού, χημικού, 3—6 μ.μ. στόν γ' όροφο χημείου, κ. Γ. Γεωργανόπουλος, γενικά μαθηματικά 1, 2 μαθηματικού καί γενικά μαθηματικά (Π.Π.) μαθηματικού 8—12 μεσ. στήν αίθουσα β' υπόγειο νέας πτέρυγας.

12 Απριλίου: κ. Μ. Κάττουλας συγκριτική φυσιολογία ζώων βιολογικού 8—12 μεσ. στήν αίθουσα β' υπόγειο νέας πτέρυγας, κ. Α. Παπαδάκης γεωλογικού, φυσιογνωστικού, κοιτασματολογία 8—12 μεσ. στήν αίθουσα β' ισόγειο νέας πτέρυγας, κ. Ι. Γεωργάτσος βιοχημεία - κλινική χημεία χημικού καί βιοχημεία 3 φαρμακευτικού 8—12 μ. στήν αίθουσα α' υπόγειο νέας πτέρυγας, κ. Βλ. Αγγουριδάκης κλιματολογία 3 μαθηματικού 8—12 μεσ. στήν αίθουσα γ' υπόγειο νέας πτέρυγας, κ. Ν. Σπύρου αστροφυσική φυσικού 8—12 μ. στήν αίθουσα α' ισογείου καί α' όροφο νέας πτέρυγας.

13 Απριλίου: κ. Π. Γεωργακόπουλος βιοφαρμακευτική φαρμακευτικού 8—12 μεσ., κ. Η. Σαπουντζής, πετρογένεση γεωλογικού, φυσιογνωστικού 8—12 μ. στήν αίθουσα Β' υπόγειο νέας πτέρυγας, κ. Ν. Παπαχαρί-

σης, εδαφομηχανολογική 3 βιολογικού 8—12 μ. στην αίθουσα Γ' υπόγειο νέας πτέρυγας,

19 Απριλίου: κ. Γ. Γεωργανόπουλος, διαφορικές εξισώσεις μαθηματικού 8—12 μ. στην αίθουσα Α' ορόφου νέας πτέρυγας, κ. Κ. Τριανταφυλλίδης βιοχημική γενετική βιολογικού 8—12 μ. στην αίθουσα Β' υπόγειο νέας πτέρυγας κ.κ. Δ. Γιαννακουδάκης, Π. Μαυρίδης φυσική χημεία 3 φαρμακευτικού καί κ.κ. Δ. Γιαννακουδάκης, Ι. Μουμτζής φυσική χημεία 3 χημικού 8—12 μ. στην αίθουσα Β' ισόγειο νέας πτέρυγας.

20 Απριλίου: κ.κ. Ν. Οικονόμου, Ι. Στοΐμενος φυσική στερεάς καταστάσεως φυσικού κ.κ. Ν. Οικονόμου, Ι. Στοϊμένος πειραματική φυσική (Π.Π.) φυσικού καί κ.κ. Ν. Οικονόμου, Δ. Σιάπκας φυσική στερεάς καταστάσεως χημικού 8—12 μ. στην αίθουσα Α' ορόφου νέας πτέρυγας, κ. Ν. Στεφανίδης διαφορική γεωμετρία 11 μαθηματικού 8—12 μ. στην αίθουσα Α νέας πτέρυγας, κ. Στ. Χαραλάμπους φυσική ακτινοβολιών καί ραδιοχρονολογήσεως γεωλογικού 8—12 μ. στην αίθουσα Β' υπόγειο νέας πτέρυγας, κ. Γ. Φωκάς φαρμακογνωσία φαρμακευτικού 8—12 μ. στην αίθουσα Β' ισόγειο νέας πτέρυγας, κ. Μ. Κάττουλας συγκριτική ανατομική ζώων βιολογικού 3 φυσιογνωστικού καί (Π.Π.) φυσιογνωστικού 8—12 μ. στην αίθουσα Α' ισόγειο τής νέας πτέρυγας.

21 Απριλίου: κ. Αναστασιάδης συναρτησιακή ανάλυση μαθηματικού 8—12 μ. στην αίθουσα Α' ορόφου νέας πτέρυγας, κ. Ν. Στεφανίδης γενικά μαθηματικά II 1 μαθηματικού, 7—10 μ.μ. στόν Α' όροφο ανατολικής πτέρυγας κ. Ι. Τσέκος υδροβιολογία βιολογικού καί οικολογία φυτού φυσιογνωστικού 8—12 μ. στην αίθουσα Β' ισόγειο νέας πτέρυγας, κ. Ε. Κοκκόλη γενική βοτανική (Π.Π.) φυσιογνωστικού 4—8 μ.μ. στην αίθουσα Γ' υπόγειο νέας πτέρυγας, κ. Π. Κουρουνάκης, οργανική φαρμακευτική χημεία φαρμακευτικού χημικού, 8—12 μ. στην αίθουσα Α' ισόγειο νέας πτέρυγας.

22 Απριλίου: κ. Ν. Στεφανίδης διαφορική γεωμετρία 1 μαθηματικού 8—12 π.μ., αίθ Α' ορόφου νέας πτέρυγας, κ. Ι. Μελέντης γεωφυσική 3 φυσιογνωστικού, μικροπαλαιοντολογία γεωλογικού καί παλαιοντολογία 3 φυσιογνωστικού 8—12 π.μ. στην αίθ. Α' υπόγειο νέας πτέρυγας, κ. Ι. Τσέκος οικολογία καί ηθολογία τν ζώων βιολογικού 8—12 π.μ. αίθ. Α' ισόγειο νέας πτέρυγας.

Παναγιώτης, Ζαμπανιώτου Σταματία, Γρηγοριάδης Ηλίας, Μπαρμπαρούση Δέσποινα, Ξιούφη Ευδοκία, Αποστολίδης Στυλιανός, Πετσάνης Χρήστος καί Αποστολίδης Κωνσταντίνος.

Επίσης τό ίδρυμα κρατικών υποτροφιών όρισε τούς πρωτοετείς φοιτητές, πού πρώτευσαν, αλλά θά πάρουν τιμητικό τίτλο. Η γραμματεία θά καλέσει μέ ιδιαίτερη ανακοίνωσή της, πού θά ορίζει ημέρα καί ώρα γιά νά απονείμει τούς τίτλους στούς φοιτητές Πασκαλή Χαράλαμπο, Παράσχο Ιωάννη, Τσάμη Δημήτριο καί Χαλκιά Αναστάσιο.

ΕΚΔΗΛΩΣΗ ΤΗΣ ΠΠΣΠ

Πραγματοποιήθηκε χθές τό μεσημέρι στήν πλατεία τού χημείου συγκέντρωση πού διοργάνωσε ή ΠΠΣΠ σέ ένδειξη διαμαρτυρίας γιά τά επεισόδια στό πανεπιστήμιο τής Πάτρας. Σέ ανακοίνωση τύπου ή ΠΠΣΠ καταδικάζει τήν επίθεση τών αστυνομικών καί τήν καταπάτηση τού πανεπιστημιακού ασύλου καί δηλώνει συμπαράσταση στούς φοιτητές τού πανεπιστημίου Πάτρας.

ΟΙ ΟΜΟΛΟΓΙΕΣ ΠΟΥ ΚΕΡΔΙΖΟΥΝ ΚΑΤΑ ΤΗΝ ΚΛΗΡΩΣΗ ΤΟΥ ΔΑΝΕΙΟΥ ΟΙΚΟΝΟΜΙΚΗΣ ΑΝΑΠΤΥΞΕΩΣ 6,5ο|ο 1970

ΑΘΗΝΑ, 22.— Κατά τήν κλήρωση ειδικών λαχνών τών ομολογιών τού λαχειοφόρου δανείου οικονομικής αναπτύξεως 6,5% τού 1970, κληρώθηκαν οί εξής αριθμοί, κερδίζοντες τά αντίστοιχα ποσά:

Δ563176 κερδίζει 1.000.000 δρχ.
Β359171 κερδίζει 500.000 δραχμ.
Δ918198 κερδίζει 250.000 δραχμ.
Δ268289 κερδίζει 100.000 δραχμ.
Δ613093 κερδίζει 50.000 δραχμ.

Από 20.000 δραχμές κερδίζουν οί ομολογίες:

Α' 181619, Β' 094199, Γ' 164491, 598251, 655876.

Από 10.000 δραχμές κερδίζουν οί ομολογίες:

Α002464, 142156, 208981, 338246, 391128, 401369.
Β099500, 124951, 408173, 420717, 647680, 757279, 771514.
Γ016197, 049965, 058193, 108106, 211057, 303261, 309790, 441259, 448343, 580226, 629192, 723190, 795593, 836570.
Δ029127, 042898, 115045, 167011, 252921, 328261, 431798, 446459, 662742, 795859, 889225, 990702.
Ε'000617, 027663, 173680, 184914, 276718, 376629, 471589, 574161, 781090, 833238, 973413.
ΣΥΝΗΛΘΕ Η ΟΛΟΜΕΛΕΙΑ
ΝΕΟΣ ΠΡΟΕΔΡΟΣ ΕΞΕΛΕΓΗ ΣΤΟ ΕΡΓΑΤΙΚΟ ΚΕΝΤΡΟ ΘΕΣΣΑΛΟΝΙΚΗΣ
Η ΕΚΤΕΛΕΣΤΙΚΗ ΕΠΙΤΡΟΠΗ ΑΠΕΚΤΗΣΕ ΝΕΑ ΜΕΛΗ

Σύμφωνα μέ ανακοίνωση τού εργατικού κέντρου Θεσσαλονίκης νέος πρόεδρος αυτού εξελέγη ό κ. Ιω. Αηδονάς, πρόεδρος τού σωματείου εργατοϋπαλλήλων ΔΕΗ Μακεδονίας —Θράκης. Ο κ. Αηδονάς εξελέγη χθές τό απόγευμα από τήν ολομέλεια τής διοικήσεως τού εργατικού κέντρου, πού συνήλθε υπό πλήρη καταστατική απαρτία.

Προηγουμένως ή ολομέλεια τού εργατικού κέντρου απέδωσε μομφή κατά τού μέχρι χθές προέδρου κ. Σ. Σεραφείδη, γιατί δέν προώθησε τήν επίλυση τών εργατοϋπαλληλικών ζητημάτων τών εργαζομένων τής Θεσσαλονίκης. Επίσης ή ολομέλεια συμπλήρωσε τήν εκτελεστική επιτροπή τού εργατικού κέντρου μέ νέα μέλη της, τούς κ.κ. Δημ. Χαρισιάδην, Δημ. Παρλαπάνην καί Χρ. Ναβάκο.

«Η αναδιάρθρωση τής διοικήσεως τού εργατικού κέντρου Θεσσαλονίκης, προκαλεί τίς έντονες αντιδράσεις τής αριστεράς, ή οποία αποτελεί τήν μειοψηφία», προστίθεται στήν ανακοίνωση.

ΔΙΑΤΑΧΘΗΚΕ
ΔΙΚΑΣΤΙΚΗ ΕΡΕΥΝΑ ΓΙΑ ΤΙΣ ΔΙΑΦΗΜΙΣΕΙΣ ΣΤΟ ΓΗΠΕΔΟ ΠΑΟΚ
ΑΝΑΤΕΘΗΚΑΝ ΣΕ ΓΡΑΦΕΙΟ ΧΩΡΙΣ ΔΙΑΓΩΝΙΣΜΟ!

Ο εισαγγελέας πρωτοδικών Θεσσαλονίκης κ. Αν. Καπόλλας, διέταξε προκαταρκτική εξέταση, σχετικά μέ τήν ανάθεση τής διαφημιστικής εκμεταλλεύσεως τών μεγαφώνων καί χώρων τού γηπέδου Τούμπας, από τήν διοίκηση τού ΠΑΟΚ.

Σύμφωνα μέ καταγγελία μελών τού συλλόγου, ή διοίκηση τού ΠΑΟΚ μίσθωσε τά παραπάνω μέσα διαφημίσεων σέ διαφημιστικό γραφείο χωρίς διαγωνισμό έναντι ποσού 3.000.000 δρχ. γιά τρία χρόνια.

Μέ τήν δικαστική έρευνα πού ανατέθηκε σέ πταισματοδίκη, θά εξετασθεί άν έχει διαπραχθεί τό αδίκημα τής απιστίας σέ περίπτωση πού ανταποκρίνεται στήν πραγματικότητα τό περιεχόμενο τής καταγγελίας. Θά ερευνηθεί επίσης, άν έγιναν καλύτερες προσφορές γιά τήν εκμετάλλευση τών διαφημίσεων από άλλα γραφεία.

ΘΑ ΔΙΕΡΕΥΝΗΘΟΥΝ ΟΙ ΣΥΝΘΗΚΕΣ ΖΩΗΣ ΕΡΓΑΖΟΜΕΝΩΝ ΣΕ ΑΡΑΒΙΚΕΣ ΧΩΡΕΣ

ΑΘΗΝΑ, 22.— Τό υπουργείο εργασίας από κοινού μέ τό υπουργείο εξωτερικών, αποφάσισαν τήν αποστολή κλιμακίων τού υπουργείου εργασίας, στό Ιράκ, Σαουδική Αραβία καί Λιβύη. Οί υπάλληλοι αυτοί θά εξετάσουν τά προβλήματα καί θά ερευνήσουν τίς συνθήκες ζωής καί εργασίας τών εκεί απασχολουμένων Ελλήνων.

ΨΩΜΙ ΓΙΑ ΤΡΕΙΣ ΜΕΡΕΣ ΘΑ ΠΑΡΑΣΚΕΥΑΣΟΥΝ ΤΑ ΑΡΤΟΠΟΙΕΙΑ

ΑΘΗΝΑ, 22.— Θά παραχθεί τήν Παρασκευή καί θά διανεμηθεί ψωμί τριών ημερών, δηλαδή γιά τήν ημέρα τού Σαββάτου 25η Μαρτίου καί τήν επομένη ημέρα. Τό Σάββατο, ημέρα εθνικής εορτής, όλα τά αρτοποιεία θά παραμείνουν κλειστά όλη τήν ημέρα καί δέν θά δεχθούν ούτε φαγητά γιά ψήσιμο. Τήν Κυριακή όλα τά αρτοποιεία θά δεχθούν φαγητά γιά ψήση.

ΟΙ ΑΓΟΡΕΣ ΚΑΠΝΩΝ ΣΕ ΠΕΡΙΟΧΕΣ ΤΗΣ ΜΑΚΕΔΟΝΙΑΣ

Σύμφωνα μέ τό επίσημο δελτίο τού εθνικού οργανισμού καπνού, στήν κεντρική καί δυτική Μακεδονία, αγοράσθηκε χθές ποσότητα καπνού 1.105 τόννων, τών ποικιλιών «Καμπά Κουλάκ» καί «Σαμψούς», σέ τιμές κυμαινόμενες μεταξύ 40 καί 94 δραχμών. Επίσης αγοράσθηκε μικρή ποσότητα τής ποικιλίας «Μπασμάς», στήν τιμή τών 127—110 δρχ.

Πρέπει νά σημειωθεί, ότι στήν κεντρική καί δυτική Μακεδονία, από τήν έναρξη τών αγορών καπνών μέχρι καί χθές, είχε απορροφηθεί ποσότητα 17.689 τόννων, σέ σύνολο παραγωγής 33.880 τόννων.

ΟΜΑΔΑ ΕΠΙΠΛΟΠΟΙΩΝ ΙΔΡΥΣΕ ΕΤΑΙΡΙΑ ΣΤΗ ΘΕΣΣΑΛΟΝΙΚΗ

Στή διάρκεια ειδικής τελετής, πού οργανώθηκε στά γραφεία τού ελληνικού οργανισμού μικρομεσαίων μεταποιητικών επιχειρήσεων καί χειροτεχνίας Θεσσαλονίκης, έγινε ή παράδοση τής μελέτης επενδυτικού προγράμματος, πού εκπονήθηκε από τήν τεχνική υπηρεσία βιοτεχνίας τού Ε.Ο.Μ.Μ.Ε.Χ., στούς εκπροσώπους τής Ενωσης επιπλοποιών Μακεδονίας «Ο Αριστοτέλης». Η εταιρία αυτή ιδρύθηκε από είκοσι προοδευτικούς επιπλοποιούς τής Θεσσαλονίκης, γιά νά αντιμετωπισθούν οί συνθήκες ανταγωνισμού πού θά προκαλέσει ή επικείμενη ένταξη τής χώρας μας στήν Ευρωπαϊκή Οικονομική Κοινότητα.
